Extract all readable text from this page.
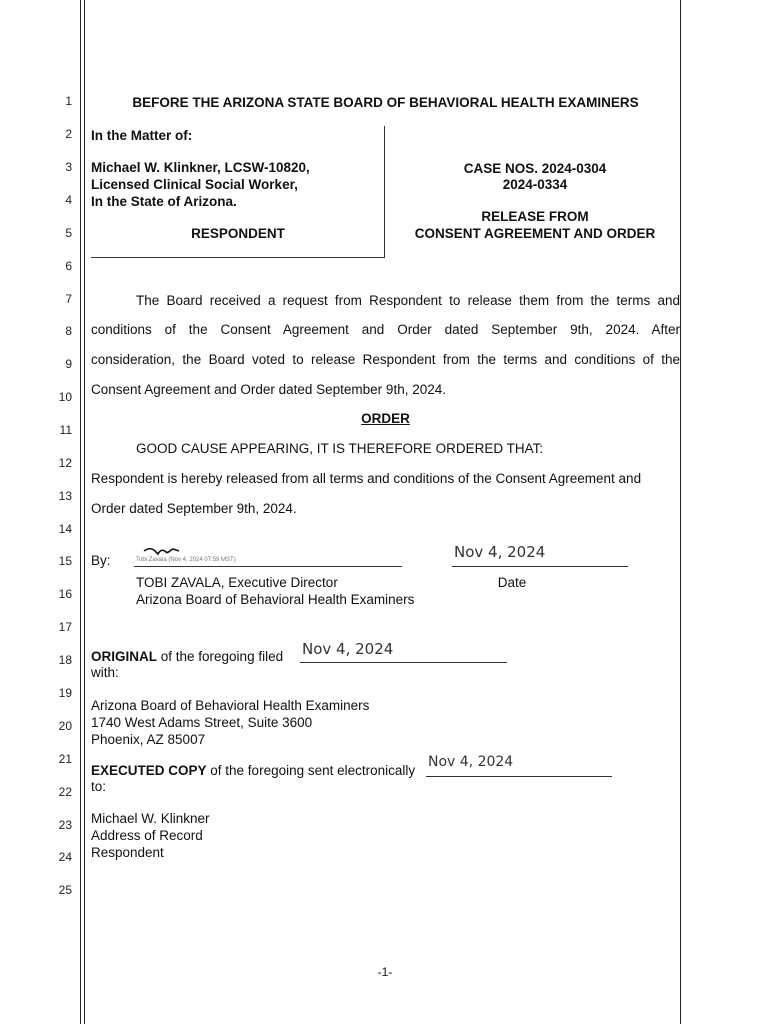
1
2
3
4
5
6
7
8
9
10
11
12
13
14
15
16
17
18
19
20
21
22
23
24
25
BEFORE THE ARIZONA STATE BOARD OF BEHAVIORAL HEALTH EXAMINERS
In the Matter of:
Michael W. Klinkner, LCSW-10820,
Licensed Clinical Social Worker,
In the State of Arizona.
RESPONDENT
CASE NOS. 2024-0304
2024-0334
RELEASE FROM
CONSENT AGREEMENT AND ORDER
The Board received a request from Respondent to release them from the terms and
conditions of the Consent Agreement and Order dated September 9th, 2024. After
consideration, the Board voted to release Respondent from the terms and conditions of the
Consent Agreement and Order dated September 9th, 2024.
ORDER
GOOD CAUSE APPEARING, IT IS THEREFORE ORDERED THAT:
Respondent is hereby released from all terms and conditions of the Consent Agreement and
Order dated September 9th, 2024.
By:	Tobi Zavala (Nov 4, 2024 07:59 MST)	Nov 4, 2024
TOBI ZAVALA, Executive Director
Arizona Board of Behavioral Health Examiners
Date
ORIGINAL of the foregoing filed Nov 4, 2024
with:
Arizona Board of Behavioral Health Examiners
1740 West Adams Street, Suite 3600
Phoenix, AZ 85007
EXECUTED COPY of the foregoing sent electronically
Nov 4, 2024
to:
Michael W. Klinkner
Address of Record
Respondent
-1-
